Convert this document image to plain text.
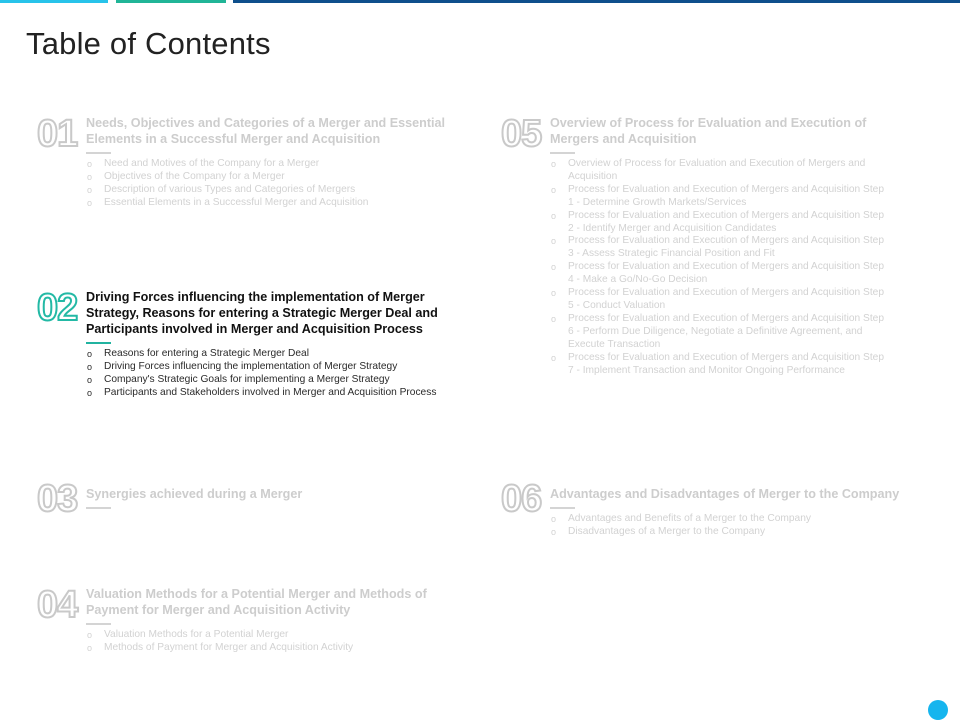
Table of Contents
01 Needs, Objectives and Categories of a Merger and Essential Elements in a Successful Merger and Acquisition
o Need and Motives of the Company for a Merger
o Objectives of the Company for a Merger
o Description of various Types and Categories of Mergers
o Essential Elements in a Successful Merger and Acquisition
02 Driving Forces influencing the implementation of Merger Strategy, Reasons for entering a Strategic Merger Deal and Participants involved in Merger and Acquisition Process
o Reasons for entering a Strategic Merger Deal
o Driving Forces influencing the implementation of Merger Strategy
o Company's Strategic Goals for implementing a Merger Strategy
o Participants and Stakeholders involved in Merger and Acquisition Process
03 Synergies achieved during a Merger
04 Valuation Methods for a Potential Merger and Methods of Payment for Merger and Acquisition Activity
o Valuation Methods for a Potential Merger
o Methods of Payment for Merger and Acquisition Activity
05 Overview of Process for Evaluation and Execution of Mergers and Acquisition
o Overview of Process for Evaluation and Execution of Mergers and Acquisition
o Process for Evaluation and Execution of Mergers and Acquisition Step 1 - Determine Growth Markets/Services
o Process for Evaluation and Execution of Mergers and Acquisition Step 2 - Identify Merger and Acquisition Candidates
o Process for Evaluation and Execution of Mergers and Acquisition Step 3 - Assess Strategic Financial Position and Fit
o Process for Evaluation and Execution of Mergers and Acquisition Step 4 - Make a Go/No-Go Decision
o Process for Evaluation and Execution of Mergers and Acquisition Step 5 - Conduct Valuation
o Process for Evaluation and Execution of Mergers and Acquisition Step 6 - Perform Due Diligence, Negotiate a Definitive Agreement, and Execute Transaction
o Process for Evaluation and Execution of Mergers and Acquisition Step 7 - Implement Transaction and Monitor Ongoing Performance
06 Advantages and Disadvantages of Merger to the Company
o Advantages and Benefits of a Merger to the Company
o Disadvantages of a Merger to the Company
